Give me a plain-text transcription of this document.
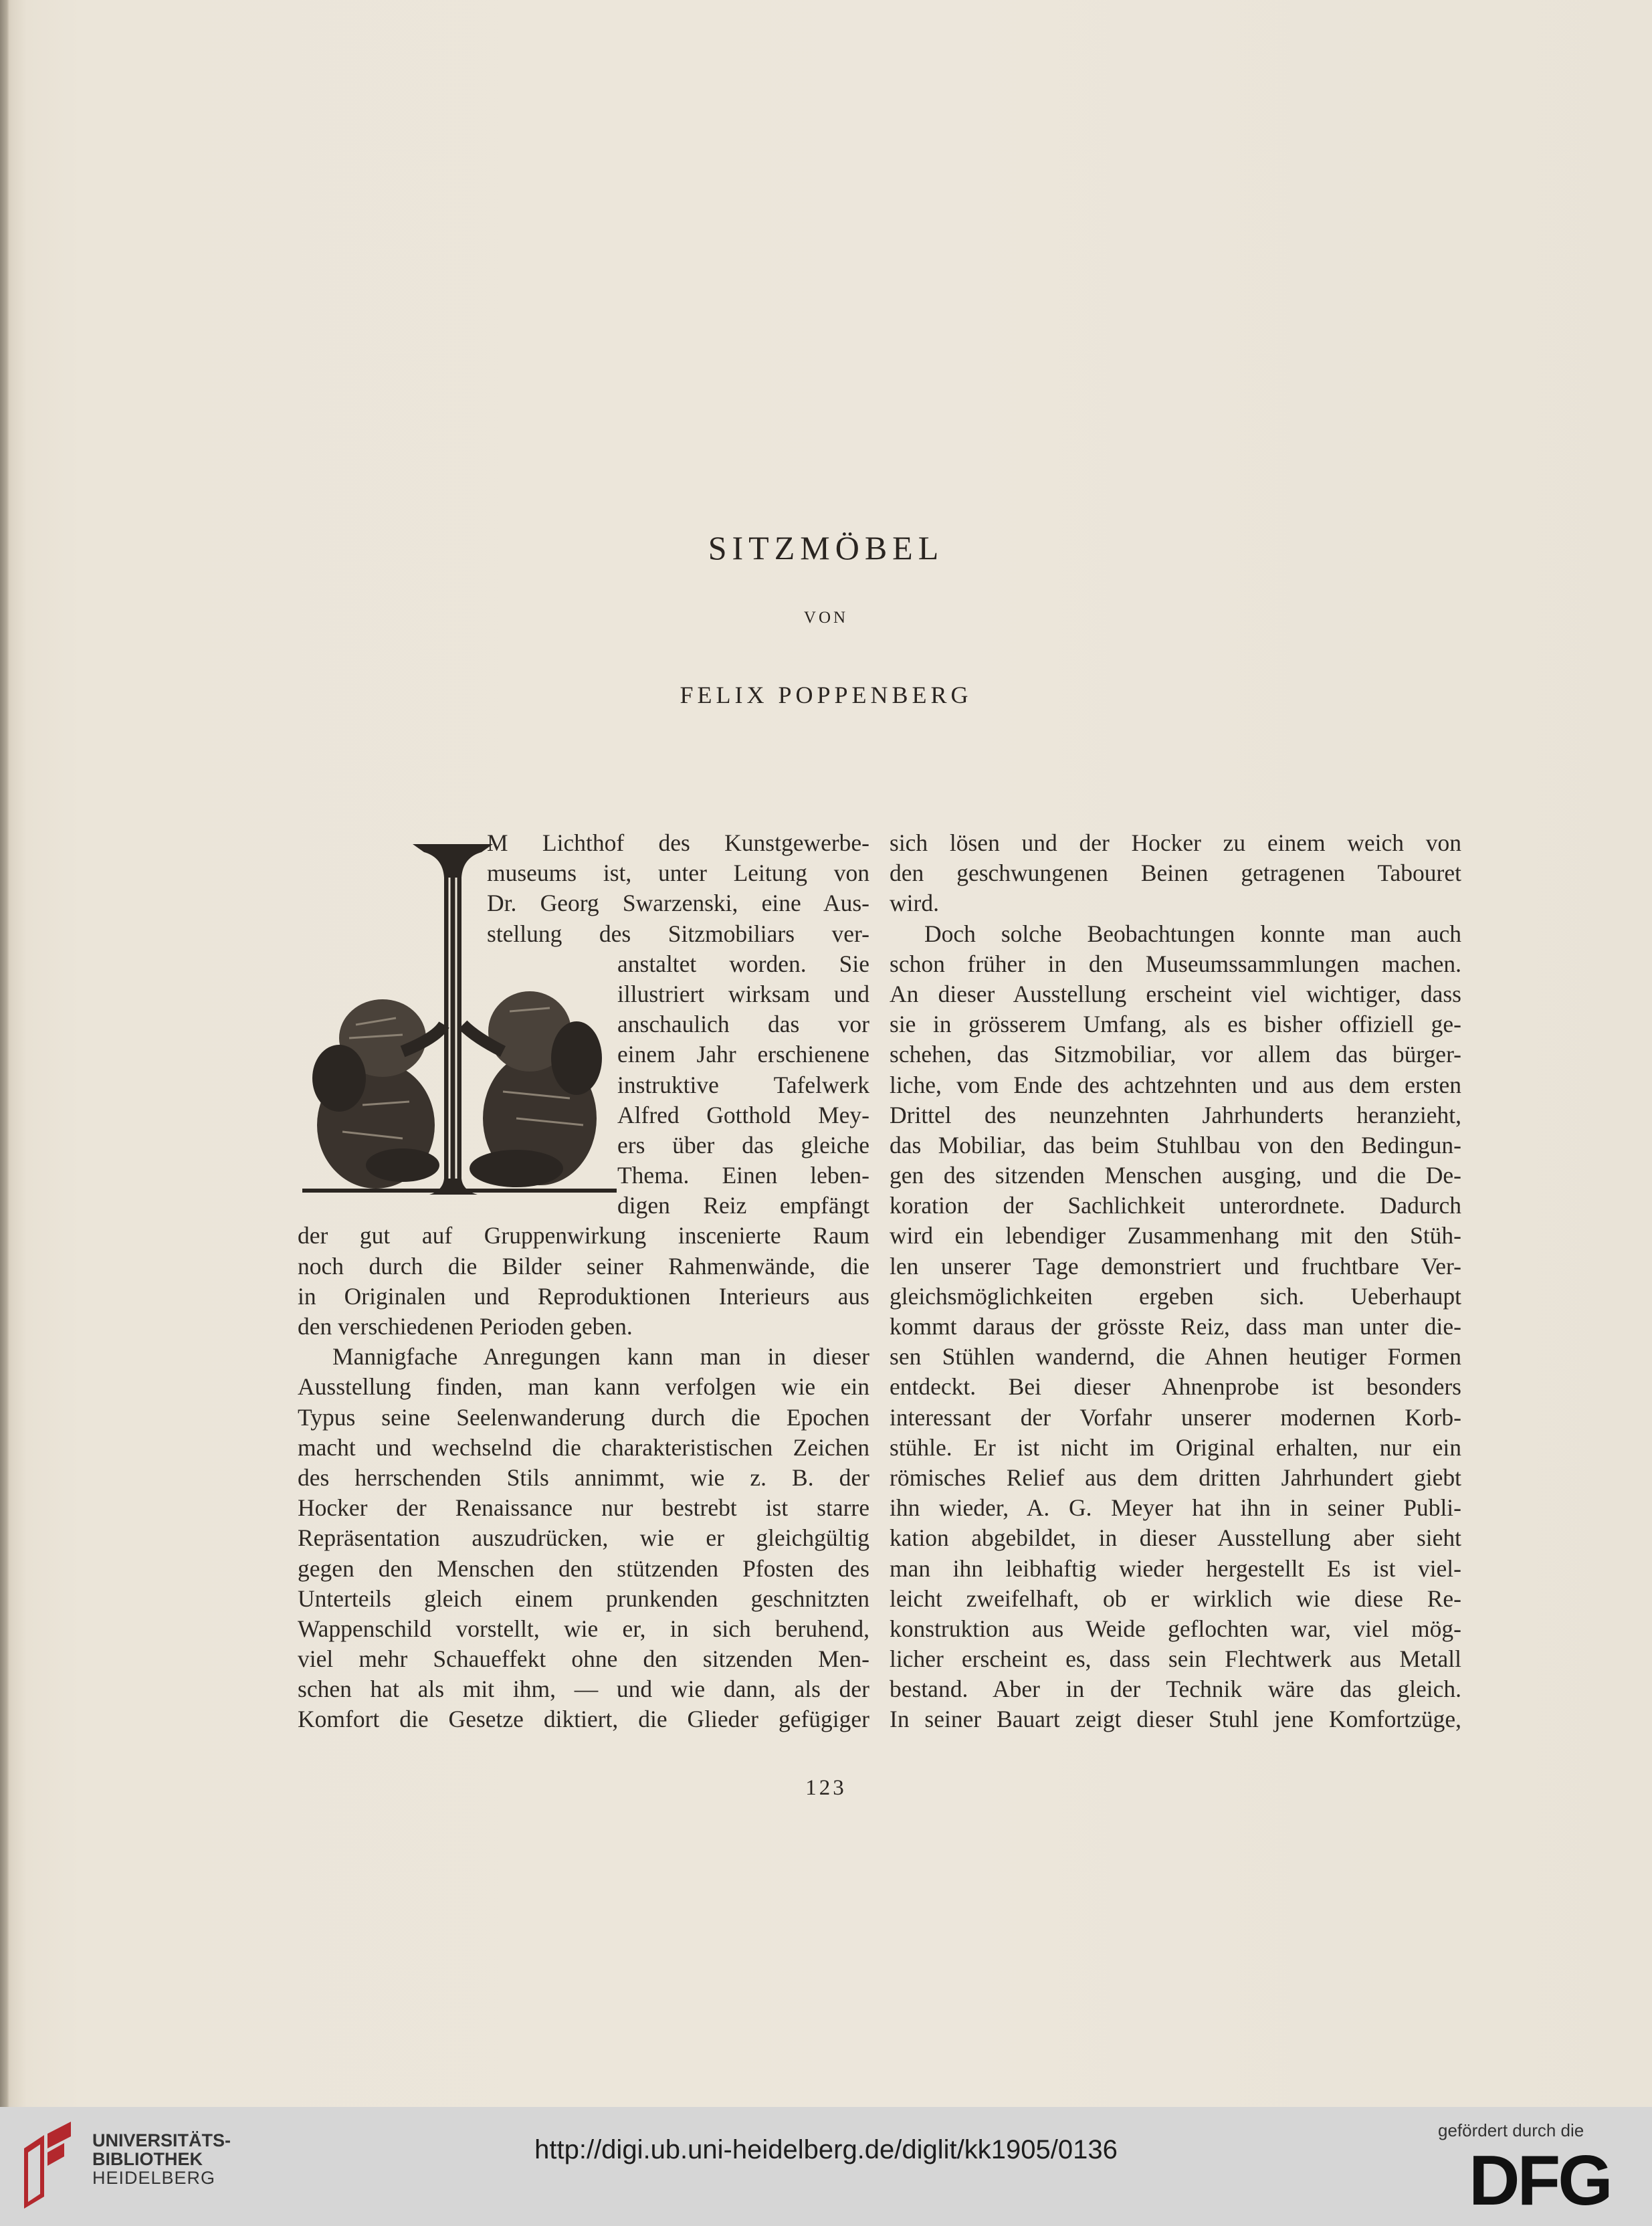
SITZMÖBEL
VON
FELIX POPPENBERG
M Lichthof des Kunstgewerbe-
museums ist, unter Leitung von
Dr. Georg Swarzenski, eine Aus-
stellung des Sitzmobiliars ver-
anstaltet worden. Sie
illustriert wirksam und
anschaulich das vor
einem Jahr erschienene
instruktive Tafelwerk
Alfred Gotthold Mey-
ers über das gleiche
Thema. Einen leben-
digen Reiz empfängt
der gut auf Gruppenwirkung inscenierte Raum
noch durch die Bilder seiner Rahmenwände, die
in Originalen und Reproduktionen Interieurs aus
den verschiedenen Perioden geben.
Mannigfache Anregungen kann man in dieser
Ausstellung finden, man kann verfolgen wie ein
Typus seine Seelenwanderung durch die Epochen
macht und wechselnd die charakteristischen Zeichen
des herrschenden Stils annimmt, wie z. B. der
Hocker der Renaissance nur bestrebt ist starre
Repräsentation auszudrücken, wie er gleichgültig
gegen den Menschen den stützenden Pfosten des
Unterteils gleich einem prunkenden geschnitzten
Wappenschild vorstellt, wie er, in sich beruhend,
viel mehr Schaueffekt ohne den sitzenden Men-
schen hat als mit ihm, — und wie dann, als der
Komfort die Gesetze diktiert, die Glieder gefügiger
sich lösen und der Hocker zu einem weich von
den geschwungenen Beinen getragenen Tabouret
wird.
Doch solche Beobachtungen konnte man auch
schon früher in den Museumssammlungen machen.
An dieser Ausstellung erscheint viel wichtiger, dass
sie in grösserem Umfang, als es bisher offiziell ge-
schehen, das Sitzmobiliar, vor allem das bürger-
liche, vom Ende des achtzehnten und aus dem ersten
Drittel des neunzehnten Jahrhunderts heranzieht,
das Mobiliar, das beim Stuhlbau von den Bedingun-
gen des sitzenden Menschen ausging, und die De-
koration der Sachlichkeit unterordnete. Dadurch
wird ein lebendiger Zusammenhang mit den Stüh-
len unserer Tage demonstriert und fruchtbare Ver-
gleichsmöglichkeiten ergeben sich. Ueberhaupt
kommt daraus der grösste Reiz, dass man unter die-
sen Stühlen wandernd, die Ahnen heutiger Formen
entdeckt. Bei dieser Ahnenprobe ist besonders
interessant der Vorfahr unserer modernen Korb-
stühle. Er ist nicht im Original erhalten, nur ein
römisches Relief aus dem dritten Jahrhundert giebt
ihn wieder, A. G. Meyer hat ihn in seiner Publi-
kation abgebildet, in dieser Ausstellung aber sieht
man ihn leibhaftig wieder hergestellt Es ist viel-
leicht zweifelhaft, ob er wirklich wie diese Re-
konstruktion aus Weide geflochten war, viel mög-
licher erscheint es, dass sein Flechtwerk aus Metall
bestand. Aber in der Technik wäre das gleich.
In seiner Bauart zeigt dieser Stuhl jene Komfortzüge,
123
UNIVERSITÄTS-
BIBLIOTHEK
HEIDELBERG
http://digi.ub.uni-heidelberg.de/diglit/kk1905/0136
gefördert durch die
DFG
